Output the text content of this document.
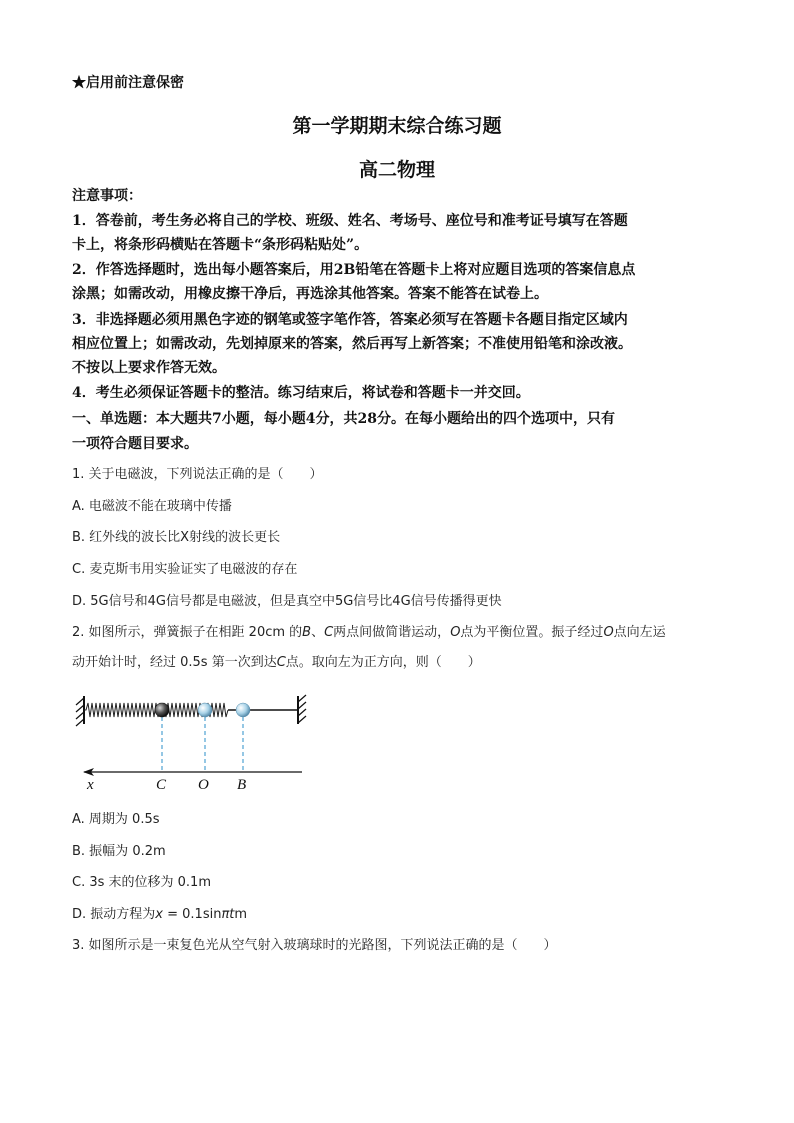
★启用前注意保密
第一学期期末综合练习题
高二物理
注意事项：
1．答卷前，考生务必将自己的学校、班级、姓名、考场号、座位号和准考证号填写在答题
卡上，将条形码横贴在答题卡“条形码粘贴处”。
2．作答选择题时，选出每小题答案后，用2B铅笔在答题卡上将对应题目选项的答案信息点
涂黑；如需改动，用橡皮擦干净后，再选涂其他答案。答案不能答在试卷上。
3．非选择题必须用黑色字迹的钢笔或签字笔作答，答案必须写在答题卡各题目指定区域内
相应位置上；如需改动，先划掉原来的答案，然后再写上新答案；不准使用铅笔和涂改液。
不按以上要求作答无效。
4．考生必须保证答题卡的整洁。练习结束后，将试卷和答题卡一并交回。
一、单选题：本大题共7小题，每小题4分，共28分。在每小题给出的四个选项中，只有
一项符合题目要求。
1. 关于电磁波，下列说法正确的是（　　）
A. 电磁波不能在玻璃中传播
B. 红外线的波长比X射线的波长更长
C. 麦克斯韦用实验证实了电磁波的存在
D. 5G信号和4G信号都是电磁波，但是真空中5G信号比4G信号传播得更快
2. 如图所示，弹簧振子在相距 20cm 的B、C两点间做简谐运动，O点为平衡位置。振子经过O点向左运
动开始计时，经过 0.5s 第一次到达C点。取向左为正方向，则（　　）
x	C O B
A. 周期为 0.5s
B. 振幅为 0.2m
C. 3s 末的位移为 0.1m
D. 振动方程为x = 0.1sinπtm
3. 如图所示是一束复色光从空气射入玻璃球时的光路图，下列说法正确的是（　　）
